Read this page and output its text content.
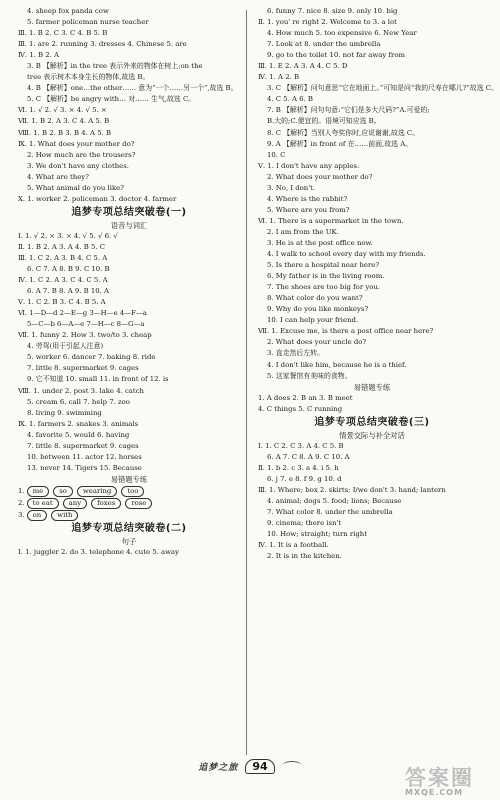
4. sheep fox panda cow
5. farmer policeman nurse teacher
Ⅲ. 1. B 2. C 3. C 4. B 5. B
Ⅲ. 1. are 2. running 3. dresses 4. Chinese 5. are
Ⅳ. 1. B 2. A
3. B 【解析】in the tree 表示外来的物体在树上;on the
tree 表示树木本身生长的物体,故选 B。
4. B 【解析】one…the other…… 意为“一个……另一个”,故选 B。
5. C 【解析】be angry with… 对…… 生气,故选 C。
Ⅵ. 1. √ 2. √ 3. × 4. √ 5. ×
Ⅶ. 1. B 2. A 3. C 4. A 5. B
Ⅷ. 1. B 2. B 3. B 4. A 5. B
Ⅸ. 1. What does your mother do?
2. How much are the trousers?
3. We don't have any clothes.
4. What are they?
5. What animal do you like?
Ⅹ. 1. worker 2. policeman 3. doctor 4. farmer
追梦专项总结突破卷(一)
语音与词汇
Ⅰ. 1. √ 2. × 3. × 4. √ 5. √ 6. √
Ⅱ. 1. B 2. A 3. A 4. B 5. C
Ⅲ. 1. C 2. A 3. B 4. C 5. A
6. C 7. A 8. B 9. C 10. B
Ⅳ. 1. C 2. A 3. C 4. C 5. A
6. A 7. B 8. A 9. B 10. A
Ⅴ. 1. C 2. B 3. C 4. B 5. A
Ⅵ. 1—D—d 2—E—g 3—H—e 4—F—a
5—C—b 6—A—e 7—H—c 8—G—a
Ⅶ. 1. funny 2. How 3. two/to 3. cheap
4. 劳驾(用于引起人注意)
5. worker 6. dancer 7. baking 8. ride
7. little 8. supermarket 9. cages
9. 它不知道 10. small 11. in front of 12. is
Ⅷ. 1. under 2. post 3. lake 4. catch
5. cream 6. call 7. help 7. zoo
8. living 9. swimming
Ⅸ. 1. farmers 2. snakes 3. animals
4. favorite 5. would 6. having
7. little 8. supermarket 9. cages
10. between 11. actor 12. horses
13. never 14. Tigers 15. Because
易错题专练
1. me so wearing too
2. to eat any foxes rose
3. on with
追梦专项总结突破卷(二)
句子
Ⅰ. 1. juggler 2. do 3. telephone 4. cute 5. away
6. funny 7. nice 8. size 9. only 10. big
Ⅱ. 1. you' re right 2. Welcome to 3. a lot
4. How much 5. too expensive 6. New Year
7. Look at 8. under the umbrella
9. go to the toilet 10. not far away from
Ⅲ. 1. E 2. A 3. A 4. C 5. D
Ⅳ. 1. A 2. B
3. C 【解析】问句意思“它在地面上。”可知是问“我的尺寿在哪儿?”故选 C。
4. C 5. A 6. B
7. B 【解析】问句句意:“它们是多大尺码?”A.可爱的;
B.大的;C.便宜的。语境可知应选 B。
8. C 【解析】当别人夸奖你时,应说谢谢,故选 C。
9. A 【解析】in front of 在……前面,故选 A。
10. C
Ⅴ. 1. I don't have any apples.
2. What does your mother do?
3. No, I don't.
4. Where is the rabbit?
5. Where are you from?
Ⅵ. 1. There is a supermarket in the town.
2. I am from the UK.
3. He is at the post office now.
4. I walk to school every day with my friends.
5. Is there a hospital near here?
6. My father is in the living room.
7. The shoes are too big for you.
8. What color do you want?
9. Why do you like monkeys?
10. I can help your friend.
Ⅶ. 1. Excuse me, is there a post office near here?
2. What does your uncle do?
3. 直走然后左转。
4. I don't like him, because he is a thief.
5. 这家餐馆有美味的食物。
易错题专练
1. A does 2. B an 3. B meet
4. C things 5. C running
追梦专项总结突破卷(三)
情景交际与补全对话
Ⅰ. 1. C 2. C 3. A 4. C 5. B
6. A 7. C 8. A 9. C 10. A
Ⅱ. 1. b 2. c 3. a 4. i 5. h
6. j 7. e 8. f 9. g 10. d
Ⅲ. 1. Where; box 2. skirts; I/we don't 3. hand; lantern
4. animal; dogs 5. food; lions; Because
7. What color 8. under the umbrella
9. cinema; there isn't
10. How; straight; turn right
Ⅳ. 1. It is a football.
2. It is in the kitchen.
追梦之旅 94	答案圈
MXQE.COM
